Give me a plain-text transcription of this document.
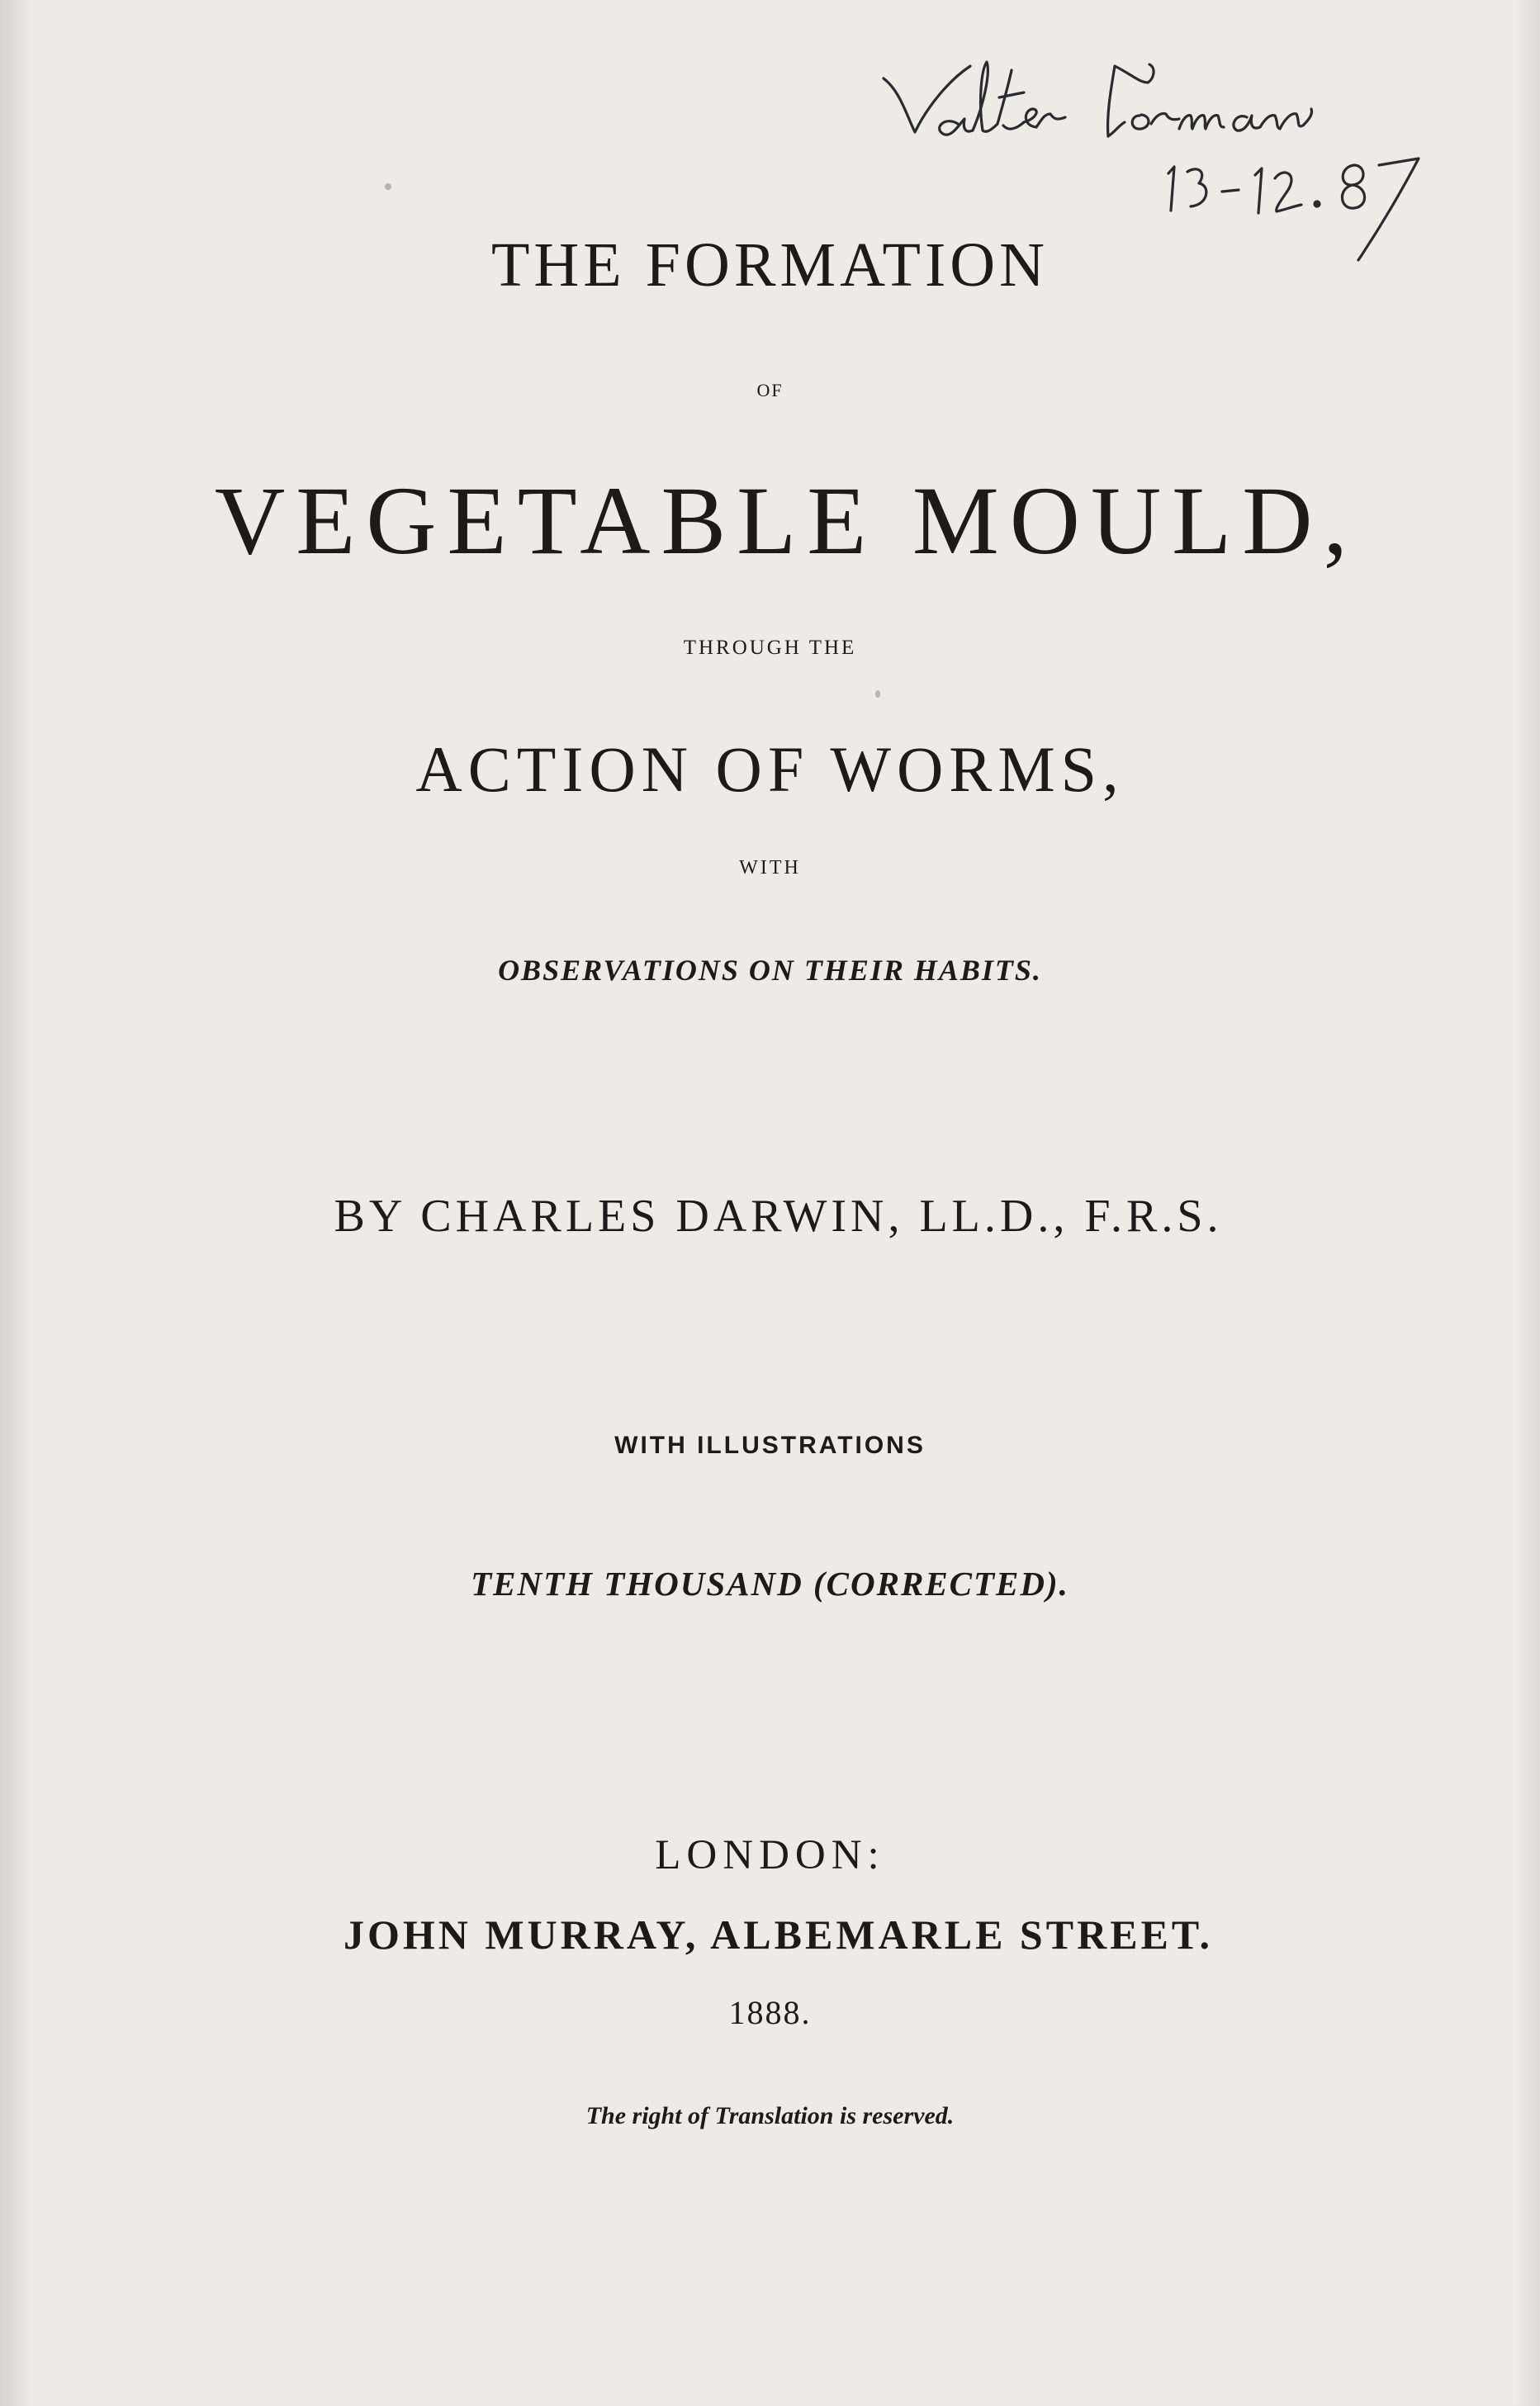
THE FORMATION

OF

VEGETABLE MOULD,

THROUGH THE

ACTION OF WORMS,

WITH

OBSERVATIONS ON THEIR HABITS.

BY CHARLES DARWIN, LL.D., F.R.S.

WITH ILLUSTRATIONS

TENTH THOUSAND (CORRECTED).

LONDON:

JOHN MURRAY, ALBEMARLE STREET.

1888.

The right of Translation is reserved.
